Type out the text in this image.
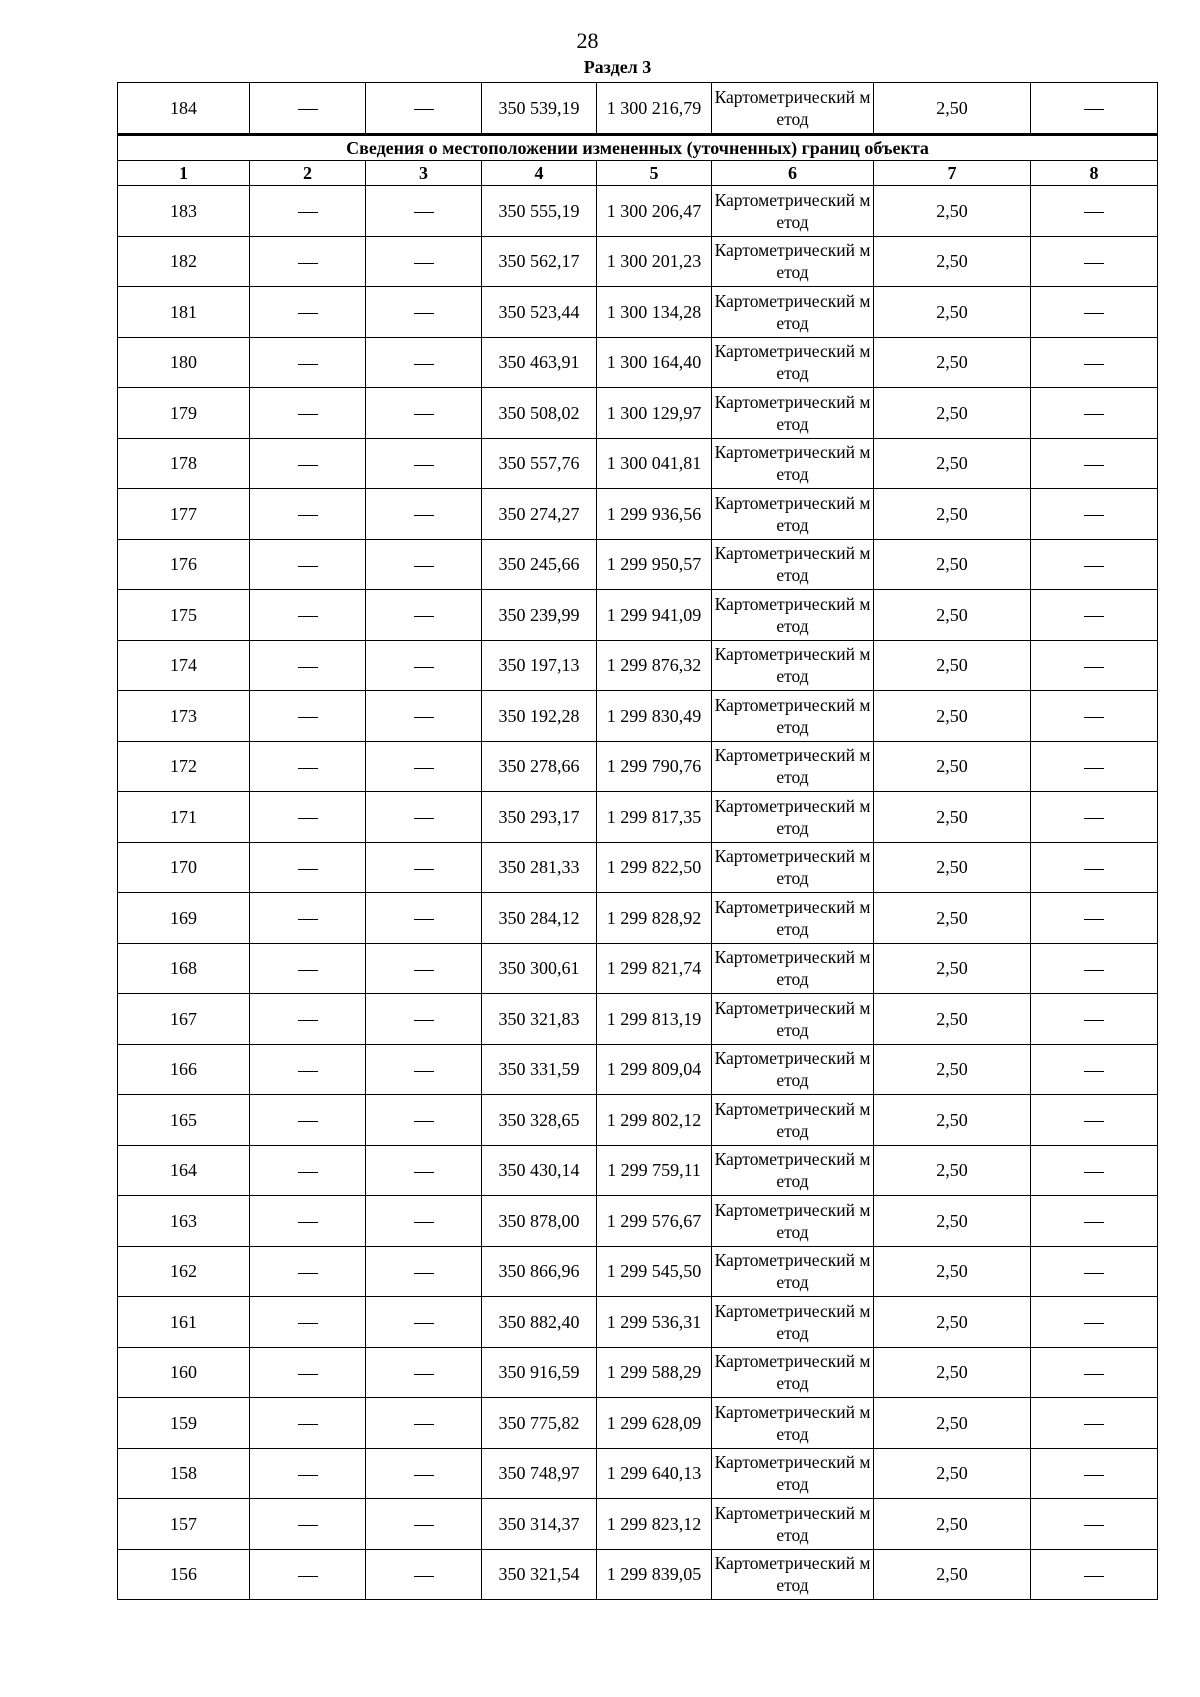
28
Раздел 3
184			350 539,19	1 300 216,79	Картометрический метод	2,50	
Сведения о местоположении измененных (уточненных) границ объекта							
1	2	3	4	5	6	7	8
183			350 555,19	1 300 206,47	Картометрический метод	2,50	
182			350 562,17	1 300 201,23	Картометрический метод	2,50	
181			350 523,44	1 300 134,28	Картометрический метод	2,50	
180			350 463,91	1 300 164,40	Картометрический метод	2,50	
179			350 508,02	1 300 129,97	Картометрический метод	2,50	
178			350 557,76	1 300 041,81	Картометрический метод	2,50	
177			350 274,27	1 299 936,56	Картометрический метод	2,50	
176			350 245,66	1 299 950,57	Картометрический метод	2,50	
175			350 239,99	1 299 941,09	Картометрический метод	2,50	
174			350 197,13	1 299 876,32	Картометрический метод	2,50	
173			350 192,28	1 299 830,49	Картометрический метод	2,50	
172			350 278,66	1 299 790,76	Картометрический метод	2,50	
171			350 293,17	1 299 817,35	Картометрический метод	2,50	
170			350 281,33	1 299 822,50	Картометрический метод	2,50	
169			350 284,12	1 299 828,92	Картометрический метод	2,50	
168			350 300,61	1 299 821,74	Картометрический метод	2,50	
167			350 321,83	1 299 813,19	Картометрический метод	2,50	
166			350 331,59	1 299 809,04	Картометрический метод	2,50	
165			350 328,65	1 299 802,12	Картометрический метод	2,50	
164			350 430,14	1 299 759,11	Картометрический метод	2,50	
163			350 878,00	1 299 576,67	Картометрический метод	2,50	
162			350 866,96	1 299 545,50	Картометрический метод	2,50	
161			350 882,40	1 299 536,31	Картометрический метод	2,50	
160			350 916,59	1 299 588,29	Картометрический метод	2,50	
159			350 775,82	1 299 628,09	Картометрический метод	2,50	
158			350 748,97	1 299 640,13	Картометрический метод	2,50	
157			350 314,37	1 299 823,12	Картометрический метод	2,50	
156			350 321,54	1 299 839,05	Картометрический метод	2,50	
